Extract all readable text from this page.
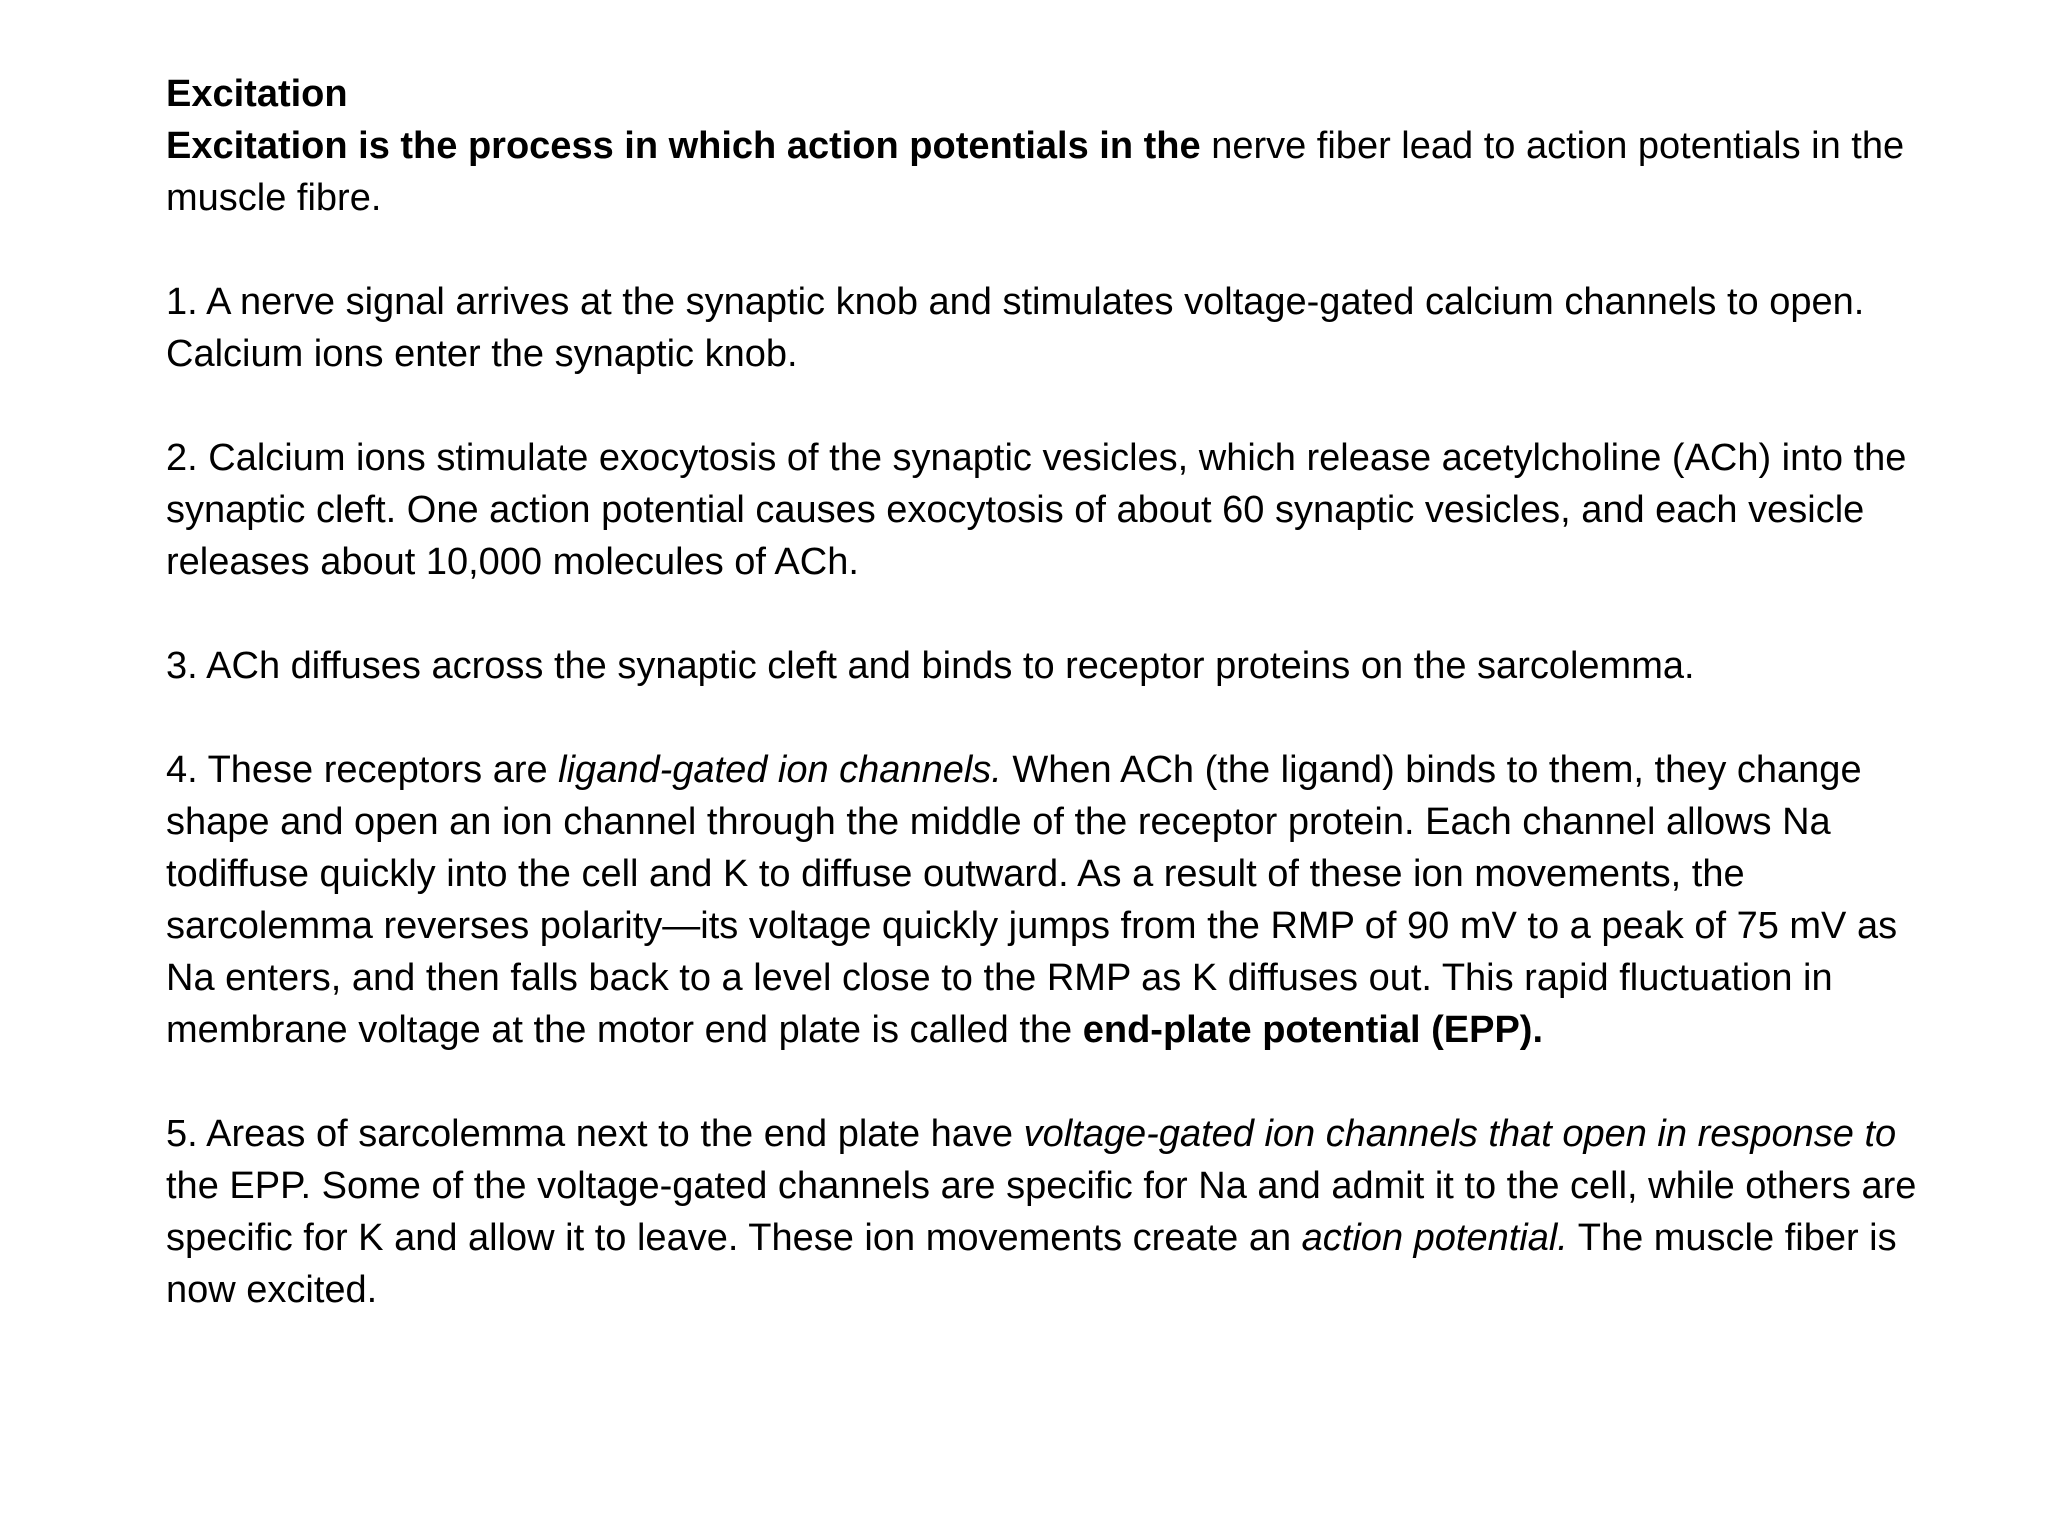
Excitation

Excitation is the process in which action potentials in the nerve fiber lead to action potentials in the muscle fibre.

1. A nerve signal arrives at the synaptic knob and stimulates voltage-gated calcium channels to open. Calcium ions enter the synaptic knob.

2. Calcium ions stimulate exocytosis of the synaptic vesicles, which release acetylcholine (ACh) into the synaptic cleft. One action potential causes exocytosis of about 60 synaptic vesicles, and each vesicle releases about 10,000 molecules of ACh.

3. ACh diffuses across the synaptic cleft and binds to receptor proteins on the sarcolemma.

4. These receptors are ligand-gated ion channels. When ACh (the ligand) binds to them, they change shape and open an ion channel through the middle of the receptor protein. Each channel allows Na todiffuse quickly into the cell and K to diffuse outward. As a result of these ion movements, the sarcolemma reverses polarity—its voltage quickly jumps from the RMP of 90 mV to a peak of 75 mV as Na enters, and then falls back to a level close to the RMP as K diffuses out. This rapid fluctuation in membrane voltage at the motor end plate is called the end-plate potential (EPP).

5. Areas of sarcolemma next to the end plate have voltage-gated ion channels that open in response to the EPP. Some of the voltage-gated channels are specific for Na and admit it to the cell, while others are specific for K and allow it to leave. These ion movements create an action potential. The muscle fiber is now excited.
